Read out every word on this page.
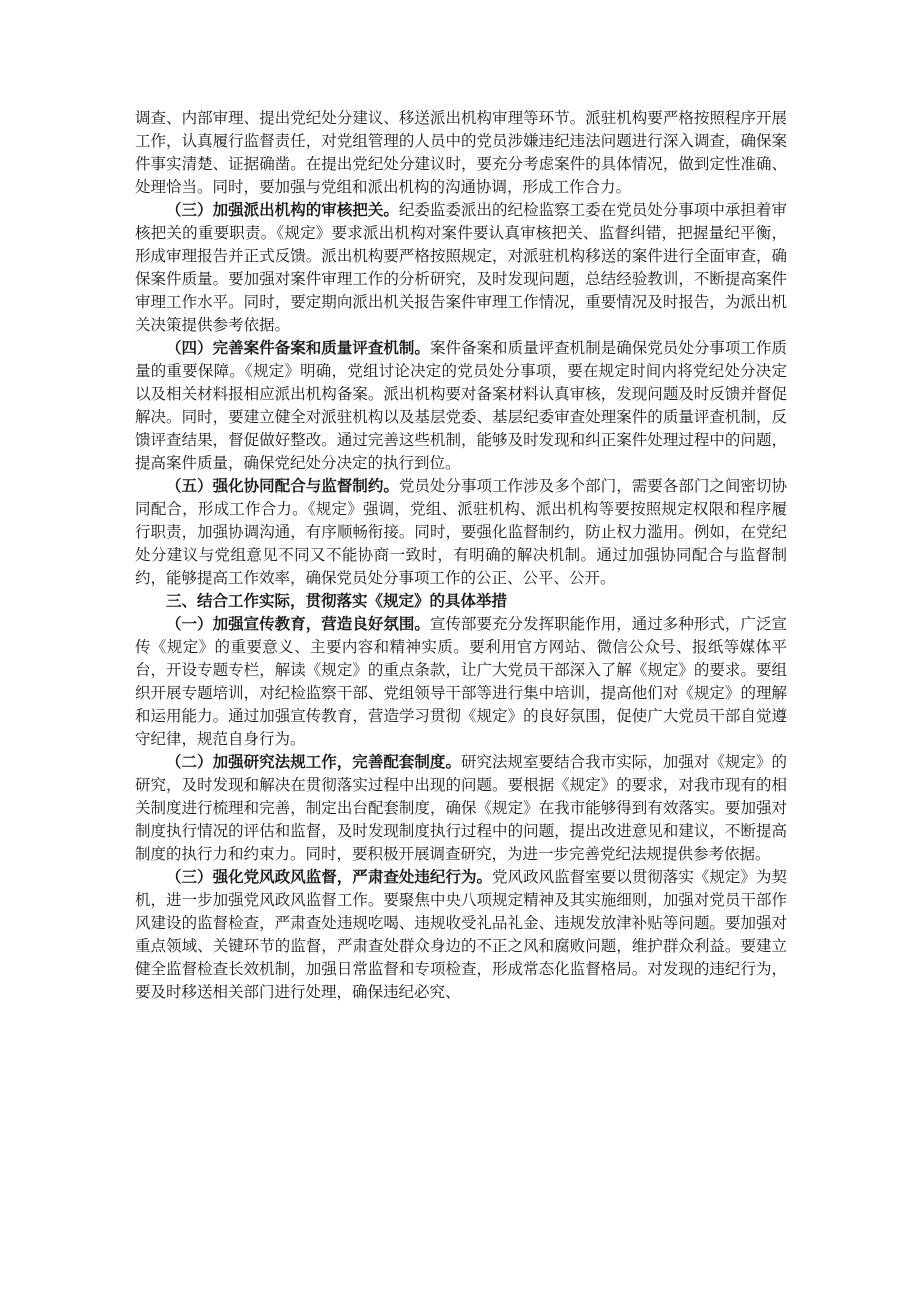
调查、内部审理、提出党纪处分建议、移送派出机构审理等环节。派驻机构要严格按照程序开展工作，认真履行监督责任，对党组管理的人员中的党员涉嫌违纪违法问题进行深入调查，确保案件事实清楚、证据确凿。在提出党纪处分建议时，要充分考虑案件的具体情况，做到定性准确、处理恰当。同时，要加强与党组和派出机构的沟通协调，形成工作合力。

（三）加强派出机构的审核把关。纪委监委派出的纪检监察工委在党员处分事项中承担着审核把关的重要职责。《规定》要求派出机构对案件要认真审核把关、监督纠错，把握量纪平衡，形成审理报告并正式反馈。派出机构要严格按照规定，对派驻机构移送的案件进行全面审查，确保案件质量。要加强对案件审理工作的分析研究，及时发现问题，总结经验教训，不断提高案件审理工作水平。同时，要定期向派出机关报告案件审理工作情况，重要情况及时报告，为派出机关决策提供参考依据。

（四）完善案件备案和质量评查机制。案件备案和质量评查机制是确保党员处分事项工作质量的重要保障。《规定》明确，党组讨论决定的党员处分事项，要在规定时间内将党纪处分决定以及相关材料报相应派出机构备案。派出机构要对备案材料认真审核，发现问题及时反馈并督促解决。同时，要建立健全对派驻机构以及基层党委、基层纪委审查处理案件的质量评查机制，反馈评查结果，督促做好整改。通过完善这些机制，能够及时发现和纠正案件处理过程中的问题，提高案件质量，确保党纪处分决定的执行到位。

（五）强化协同配合与监督制约。党员处分事项工作涉及多个部门，需要各部门之间密切协同配合，形成工作合力。《规定》强调，党组、派驻机构、派出机构等要按照规定权限和程序履行职责，加强协调沟通，有序顺畅衔接。同时，要强化监督制约，防止权力滥用。例如，在党纪处分建议与党组意见不同又不能协商一致时，有明确的解决机制。通过加强协同配合与监督制约，能够提高工作效率，确保党员处分事项工作的公正、公平、公开。

三、结合工作实际，贯彻落实《规定》的具体举措

（一）加强宣传教育，营造良好氛围。宣传部要充分发挥职能作用，通过多种形式，广泛宣传《规定》的重要意义、主要内容和精神实质。要利用官方网站、微信公众号、报纸等媒体平台，开设专题专栏，解读《规定》的重点条款，让广大党员干部深入了解《规定》的要求。要组织开展专题培训，对纪检监察干部、党组领导干部等进行集中培训，提高他们对《规定》的理解和运用能力。通过加强宣传教育，营造学习贯彻《规定》的良好氛围，促使广大党员干部自觉遵守纪律，规范自身行为。

（二）加强研究法规工作，完善配套制度。研究法规室要结合我市实际，加强对《规定》的研究，及时发现和解决在贯彻落实过程中出现的问题。要根据《规定》的要求，对我市现有的相关制度进行梳理和完善，制定出台配套制度，确保《规定》在我市能够得到有效落实。要加强对制度执行情况的评估和监督，及时发现制度执行过程中的问题，提出改进意见和建议，不断提高制度的执行力和约束力。同时，要积极开展调查研究，为进一步完善党纪法规提供参考依据。

（三）强化党风政风监督，严肃查处违纪行为。党风政风监督室要以贯彻落实《规定》为契机，进一步加强党风政风监督工作。要聚焦中央八项规定精神及其实施细则，加强对党员干部作风建设的监督检查，严肃查处违规吃喝、违规收受礼品礼金、违规发放津补贴等问题。要加强对重点领域、关键环节的监督，严肃查处群众身边的不正之风和腐败问题，维护群众利益。要建立健全监督检查长效机制，加强日常监督和专项检查，形成常态化监督格局。对发现的违纪行为，要及时移送相关部门进行处理，确保违纪必究、
